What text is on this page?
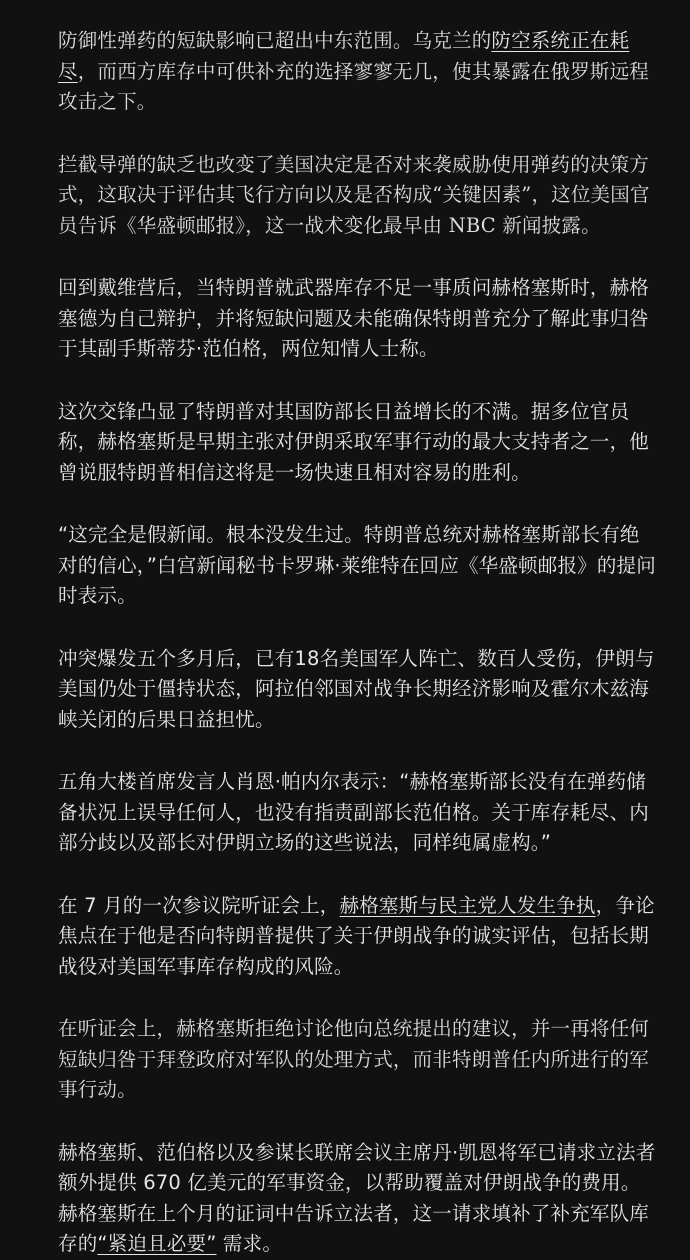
防御性弹药的短缺影响已超出中东范围。乌克兰的防空系统正在耗尽，而西方库存中可供补充的选择寥寥无几，使其暴露在俄罗斯远程攻击之下。

拦截导弹的缺乏也改变了美国决定是否对来袭威胁使用弹药的决策方式，这取决于评估其飞行方向以及是否构成“关键因素”，这位美国官员告诉《华盛顿邮报》，这一战术变化最早由 NBC 新闻披露。

回到戴维营后，当特朗普就武器库存不足一事质问赫格塞斯时，赫格塞德为自己辩护，并将短缺问题及未能确保特朗普充分了解此事归咎于其副手斯蒂芬·范伯格，两位知情人士称。

这次交锋凸显了特朗普对其国防部长日益增长的不满。据多位官员称，赫格塞斯是早期主张对伊朗采取军事行动的最大支持者之一，他曾说服特朗普相信这将是一场快速且相对容易的胜利。

“这完全是假新闻。根本没发生过。特朗普总统对赫格塞斯部长有绝对的信心，”白宫新闻秘书卡罗琳·莱维特在回应《华盛顿邮报》的提问时表示。

冲突爆发五个多月后，已有18名美国军人阵亡、数百人受伤，伊朗与美国仍处于僵持状态，阿拉伯邻国对战争长期经济影响及霍尔木兹海峡关闭的后果日益担忧。

五角大楼首席发言人肖恩·帕内尔表示：“赫格塞斯部长没有在弹药储备状况上误导任何人，也没有指责副部长范伯格。关于库存耗尽、内部分歧以及部长对伊朗立场的这些说法，同样纯属虚构。”

在 7 月的一次参议院听证会上，赫格塞斯与民主党人发生争执，争论焦点在于他是否向特朗普提供了关于伊朗战争的诚实评估，包括长期战役对美国军事库存构成的风险。

在听证会上，赫格塞斯拒绝讨论他向总统提出的建议，并一再将任何短缺归咎于拜登政府对军队的处理方式，而非特朗普任内所进行的军事行动。

赫格塞斯、范伯格以及参谋长联席会议主席丹·凯恩将军已请求立法者额外提供 670 亿美元的军事资金，以帮助覆盖对伊朗战争的费用。赫格塞斯在上个月的证词中告诉立法者，这一请求填补了补充军队库存的“紧迫且必要” 需求。
